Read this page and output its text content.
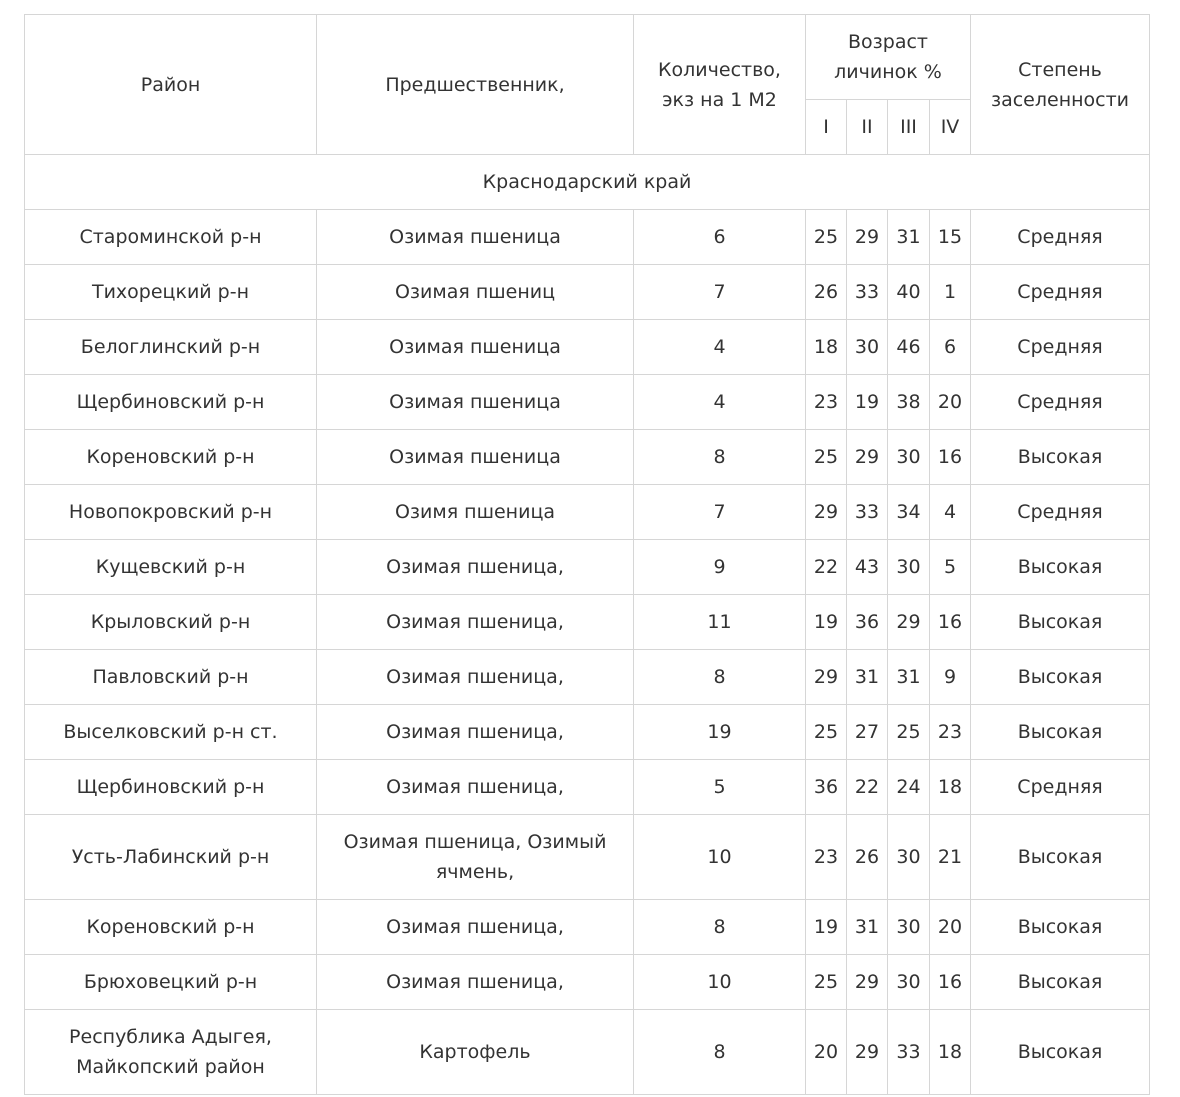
Район	Предшественник,	Количество, экз на 1 М2	Возраст личинок %				Степень заселенности
			I	II	III	IV	
Краснодарский край							
Староминской р-н	Озимая пшеница	6	25	29	31	15	Средняя
Тихорецкий р-н	Озимая пшениц	7	26	33	40	1	Средняя
Белоглинский р-н	Озимая пшеница	4	18	30	46	6	Средняя
Щербиновский р-н	Озимая пшеница	4	23	19	38	20	Средняя
Кореновский р-н	Озимая пшеница	8	25	29	30	16	Высокая
Новопокровский р-н	Озимя пшеница	7	29	33	34	4	Средняя
Кущевский р-н	Озимая пшеница,	9	22	43	30	5	Высокая
Крыловский р-н	Озимая пшеница,	11	19	36	29	16	Высокая
Павловский р-н	Озимая пшеница,	8	29	31	31	9	Высокая
Выселковский р-н ст.	Озимая пшеница,	19	25	27	25	23	Высокая
Щербиновский р-н	Озимая пшеница,	5	36	22	24	18	Средняя
Усть-Лабинский р-н	Озимая пшеница, Озимый ячмень,	10	23	26	30	21	Высокая
Кореновский р-н	Озимая пшеница,	8	19	31	30	20	Высокая
Брюховецкий р-н	Озимая пшеница,	10	25	29	30	16	Высокая
Республика Адыгея, Майкопский район	Картофель	8	20	29	33	18	Высокая
